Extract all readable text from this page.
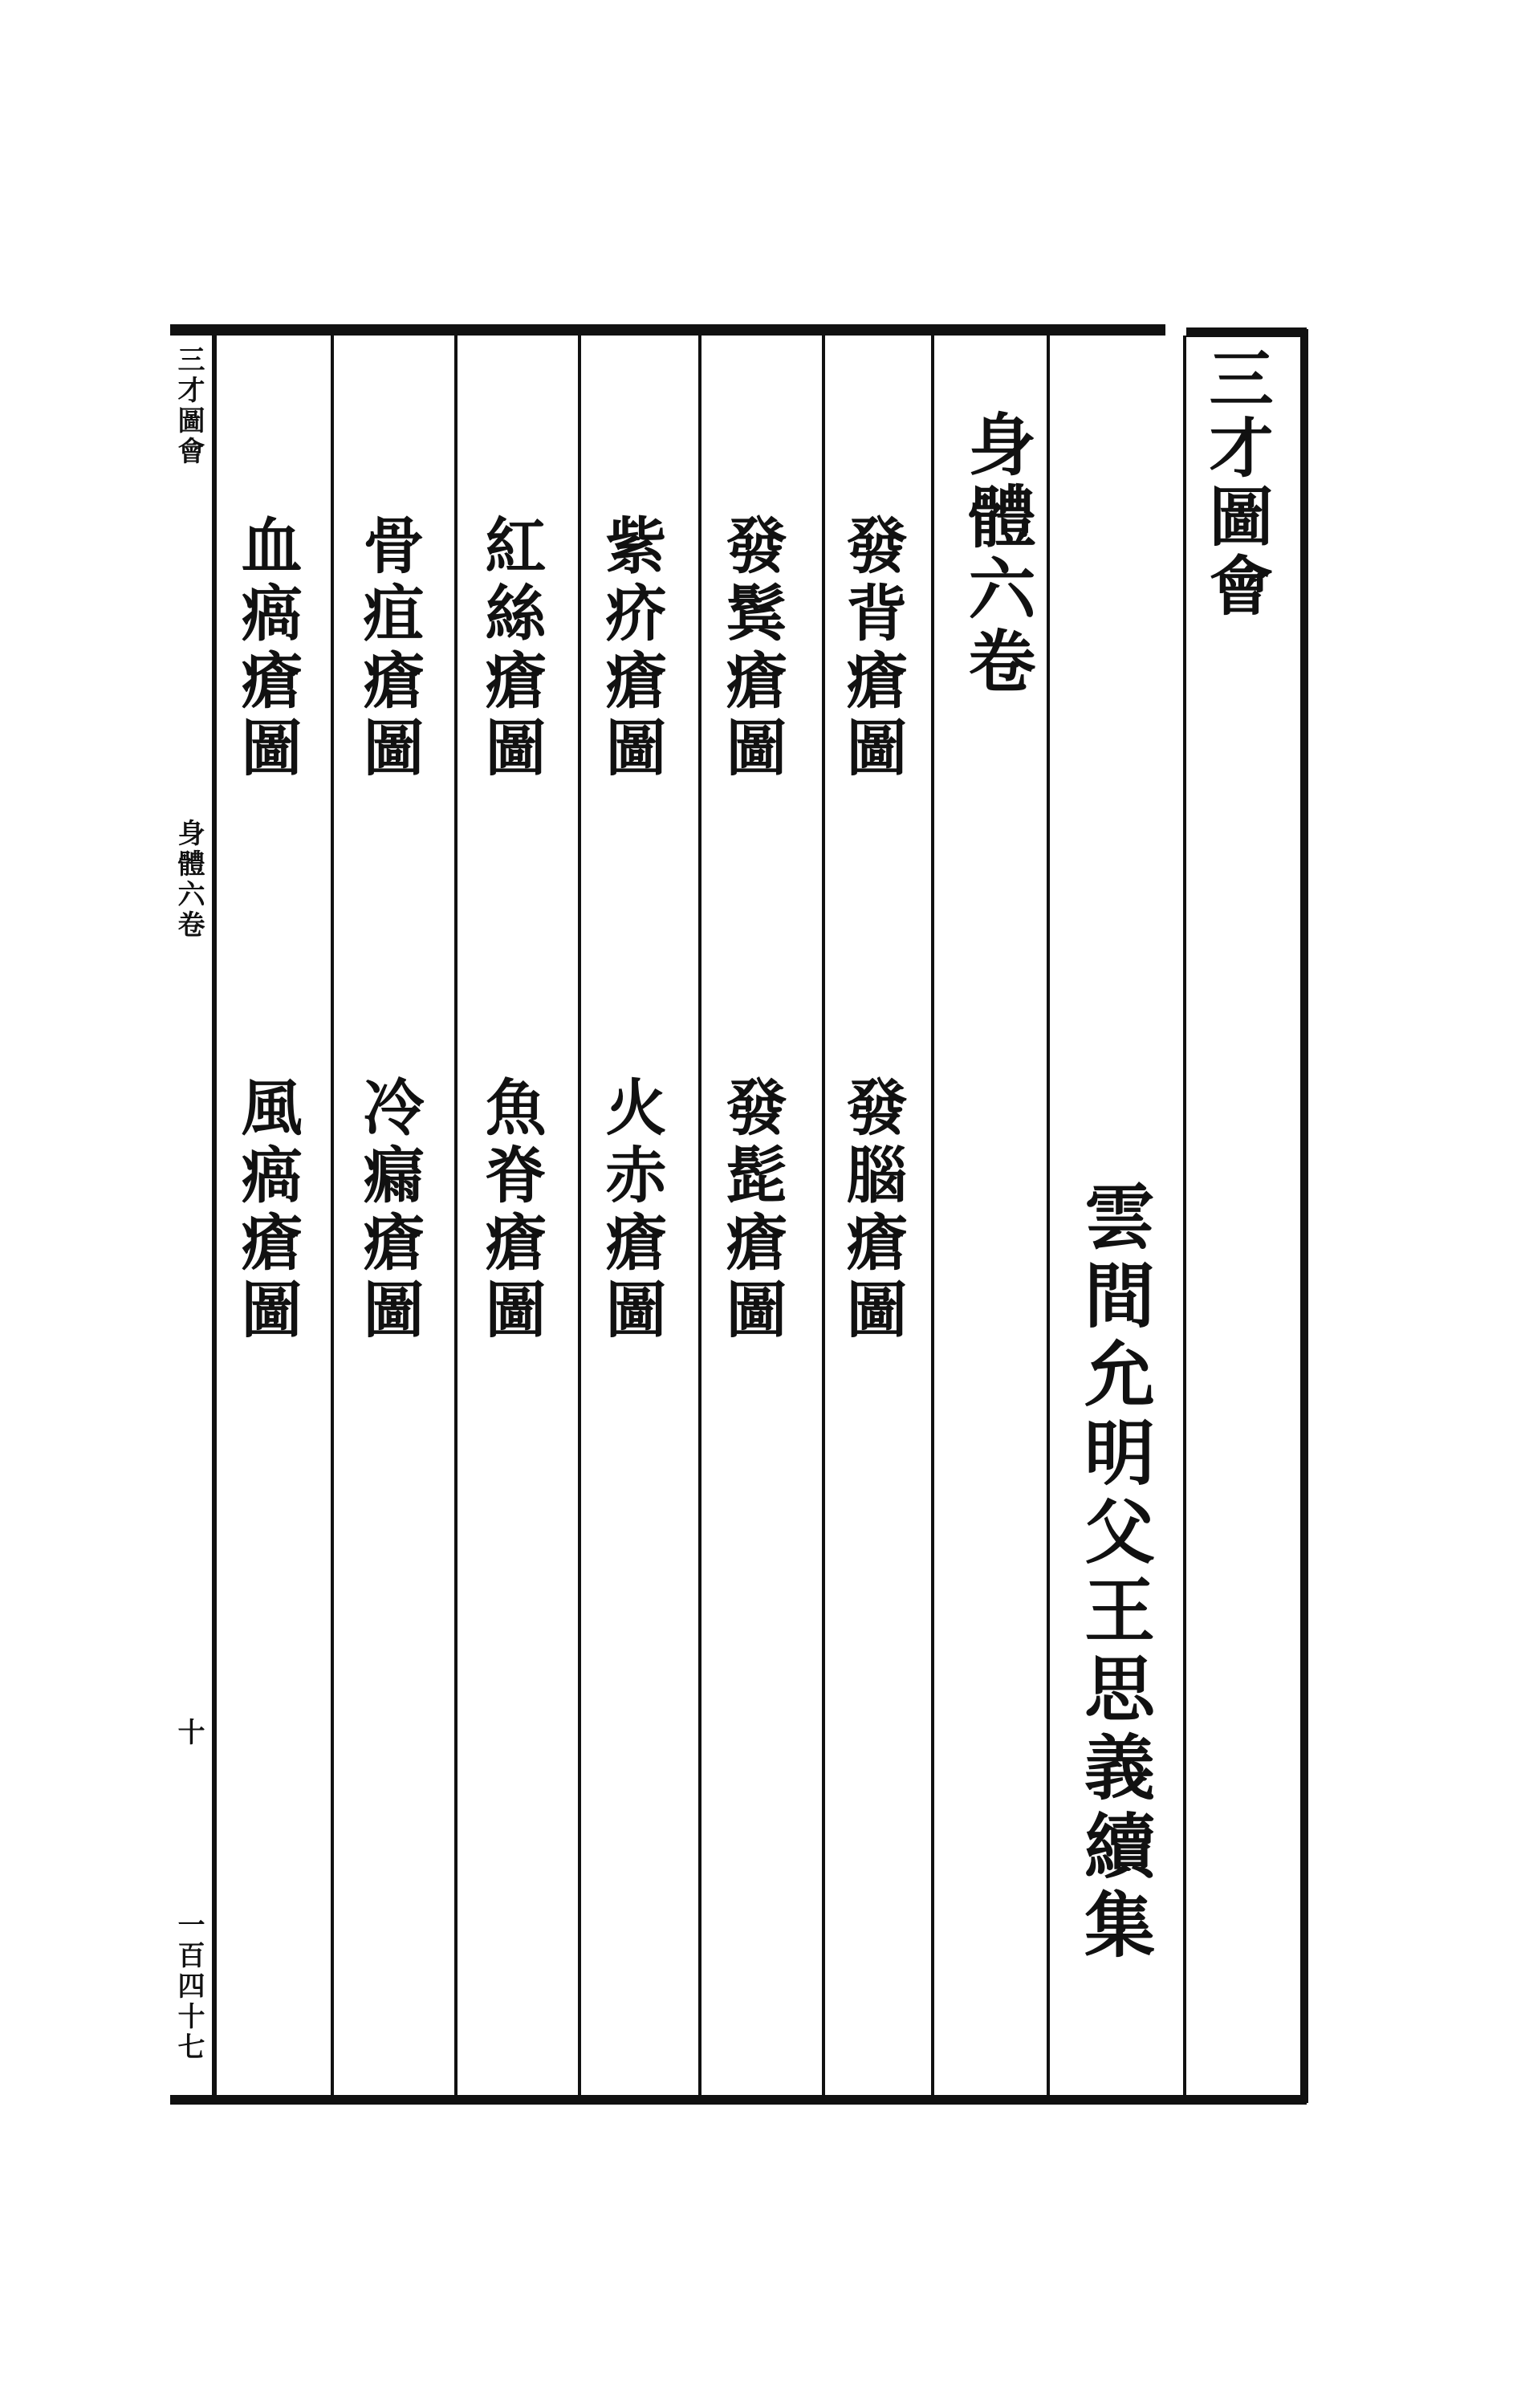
三才圖會
雲間允明父王思義續集
身體六卷
發背瘡圖
發腦瘡圖
發鬂瘡圖
發髭瘡圖
紫疥瘡圖
火赤瘡圖
紅絲瘡圖
魚脊瘡圖
骨疽瘡圖
冷瘺瘡圖
血瘑瘡圖
風瘑瘡圖
三才圖會
身體六卷
十
一百四十七
